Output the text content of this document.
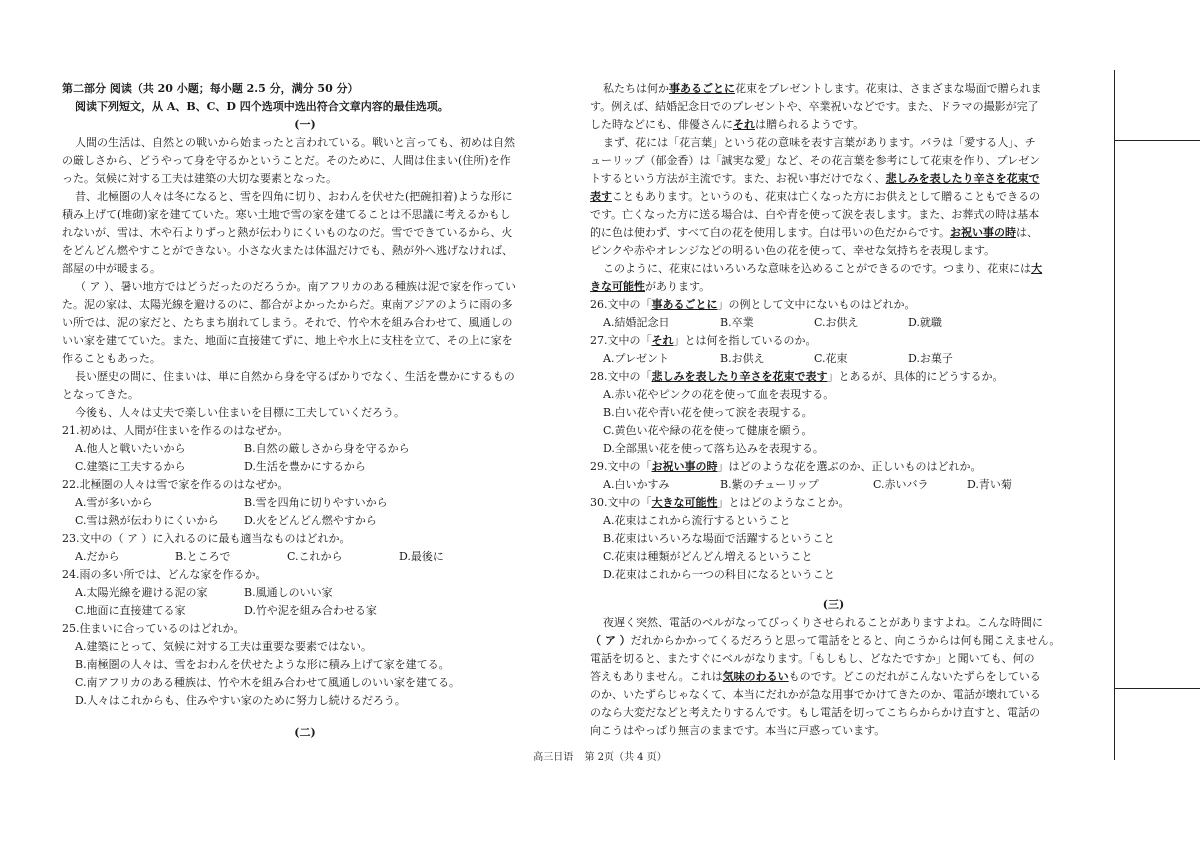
第二部分 阅读（共 20 小题；每小题 2.5 分，满分 50 分）
阅读下列短文，从 A、B、C、D 四个选项中选出符合文章内容的最佳选项。
(一)
人間の生活は、自然との戦いから始まったと言われている。戦いと言っても、初めは自然
の厳しさから、どうやって身を守るかということだ。そのために、人間は住まい(住所)を作
った。気候に対する工夫は建築の大切な要素となった。
昔、北極圏の人々は冬になると、雪を四角に切り、おわんを伏せた(把碗扣着)ような形に
積み上げて(堆砌)家を建てていた。寒い土地で雪の家を建てることは不思議に考えるかもし
れないが、雪は、木や石よりずっと熱が伝わりにくいものなのだ。雪でできているから、火
をどんどん燃やすことができない。小さな火または体温だけでも、熱が外へ逃げなければ、
部屋の中が暖まる。
（ ア ）、暑い地方ではどうだったのだろうか。南アフリカのある種族は泥で家を作ってい
た。泥の家は、太陽光線を避けるのに、都合がよかったからだ。東南アジアのように雨の多
い所では、泥の家だと、たちまち崩れてしまう。それで、竹や木を組み合わせて、風通しの
いい家を建てていた。また、地面に直接建てずに、地上や水上に支柱を立て、その上に家を
作ることもあった。
長い歴史の間に、住まいは、単に自然から身を守るばかりでなく、生活を豊かにするもの
となってきた。
今後も、人々は丈夫で楽しい住まいを目標に工夫していくだろう。
21.初めは、人間が住まいを作るのはなぜか。
A.他人と戦いたいから	B.自然の厳しさから身を守るから
C.建築に工夫するから	D.生活を豊かにするから
22.北極圏の人々は雪で家を作るのはなぜか。
A.雪が多いから	B.雪を四角に切りやすいから
C.雪は熱が伝わりにくいから	D.火をどんどん燃やすから
23.文中の（ ア ）に入れるのに最も適当なものはどれか。
A.だから	B.ところで	C.これから	D.最後に
24.雨の多い所では、どんな家を作るか。
A.太陽光線を避ける泥の家	B.風通しのいい家
C.地面に直接建てる家	D.竹や泥を組み合わせる家
25.住まいに合っているのはどれか。
A.建築にとって、気候に対する工夫は重要な要素ではない。
B.南極圏の人々は、雪をおわんを伏せたような形に積み上げて家を建てる。
C.南アフリカのある種族は、竹や木を組み合わせて風通しのいい家を建てる。
D.人々はこれからも、住みやすい家のために努力し続けるだろう。
(二)
私たちは何か事あるごとに花束をプレゼントします。花束は、さまざまな場面で贈られま
す。例えば、結婚記念日でのプレゼントや、卒業祝いなどです。また、ドラマの撮影が完了
した時などにも、俳優さんにそれは贈られるようです。
まず、花には「花言葉」という花の意味を表す言葉があります。バラは「愛する人」、チ
ューリップ（郁金香）は「誠実な愛」など、その花言葉を参考にして花束を作り、プレゼン
トするという方法が主流です。また、お祝い事だけでなく、悲しみを表したり辛さを花束で
表すこともあります。というのも、花束は亡くなった方にお供えとして贈ることもできるの
です。亡くなった方に送る場合は、白や青を使って涙を表します。また、お葬式の時は基本
的に色は使わず、すべて白の花を使用します。白は弔いの色だからです。お祝い事の時は、
ピンクや赤やオレンジなどの明るい色の花を使って、幸せな気持ちを表現します。
このように、花束にはいろいろな意味を込めることができるのです。つまり、花束には大
きな可能性があります。
26.文中の「事あるごとに」の例として文中にないものはどれか。
A.結婚記念日	B.卒業	C.お供え	D.就職
27.文中の「それ」とは何を指しているのか。
A.プレゼント	B.お供え	C.花束	D.お菓子
28.文中の「悲しみを表したり辛さを花束で表す」とあるが、具体的にどうするか。
A.赤い花やピンクの花を使って血を表現する。
B.白い花や青い花を使って涙を表現する。
C.黄色い花や緑の花を使って健康を願う。
D.全部黒い花を使って落ち込みを表現する。
29.文中の「お祝い事の時」はどのような花を選ぶのか、正しいものはどれか。
A.白いかすみ	B.紫のチューリップ	C.赤いバラ	D.青い菊
30.文中の「大きな可能性」とはどのようなことか。
A.花束はこれから流行するということ
B.花束はいろいろな場面で活躍するということ
C.花束は種類がどんどん増えるということ
D.花束はこれから一つの科目になるということ
(三)
夜遅く突然、電話のベルがなってびっくりさせられることがありますよね。こんな時間に
（ ア ）だれからかかってくるだろうと思って電話をとると、向こうからは何も聞こえません。
電話を切ると、またすぐにベルがなります。「もしもし、どなたですか」と聞いても、何の
答えもありません。これは気味のわるいものです。どこのだれがこんないたずらをしている
のか、いたずらじゃなくて、本当にだれかが急な用事でかけてきたのか、電話が壊れている
のなら大変だなどと考えたりするんです。もし電話を切ってこちらからかけ直すと、電話の
向こうはやっぱり無言のままです。本当に戸惑っています。
高三日语 第 2页（共 4 页）
